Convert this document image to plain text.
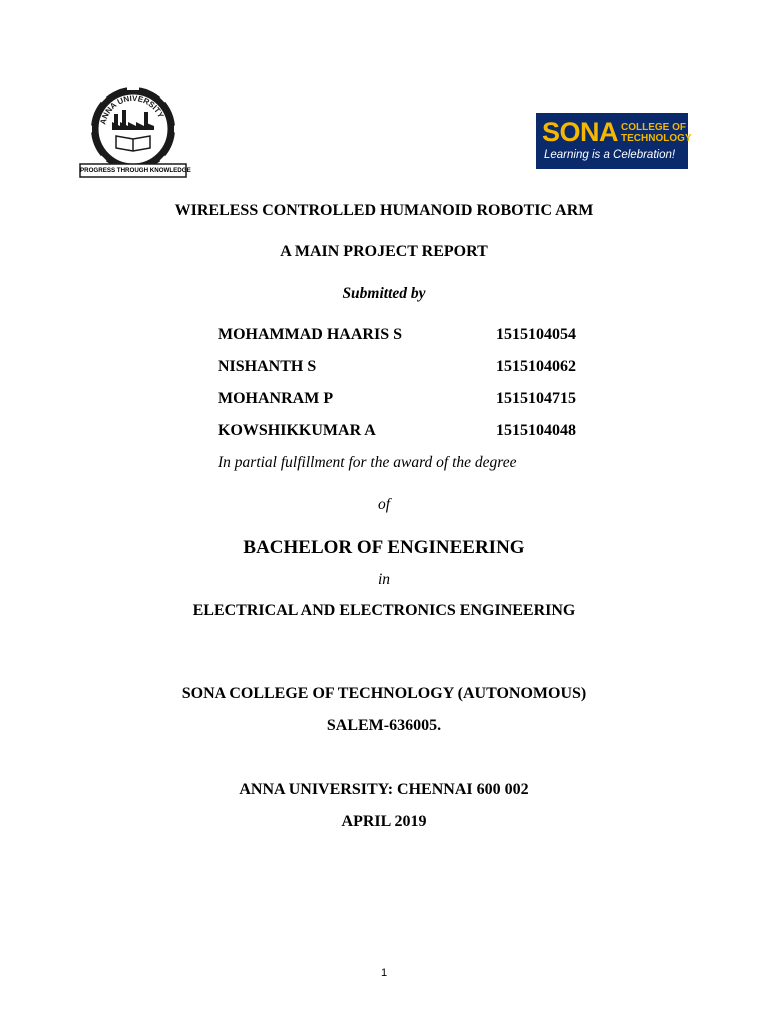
ANNA UNIVERSITY
PROGRESS THROUGH KNOWLEDGE
SONA COLLEGE OF
TECHNOLOGY
Learning is a Celebration!
WIRELESS CONTROLLED HUMANOID ROBOTIC ARM
A MAIN PROJECT REPORT
Submitted by
MOHAMMAD HAARIS S	1515104054
NISHANTH S	1515104062
MOHANRAM P	1515104715
KOWSHIKKUMAR A	1515104048
In partial fulfillment for the award of the degree
of
BACHELOR OF ENGINEERING
in
ELECTRICAL AND ELECTRONICS ENGINEERING
SONA COLLEGE OF TECHNOLOGY (AUTONOMOUS)
SALEM-636005.
ANNA UNIVERSITY: CHENNAI 600 002
APRIL 2019
1
